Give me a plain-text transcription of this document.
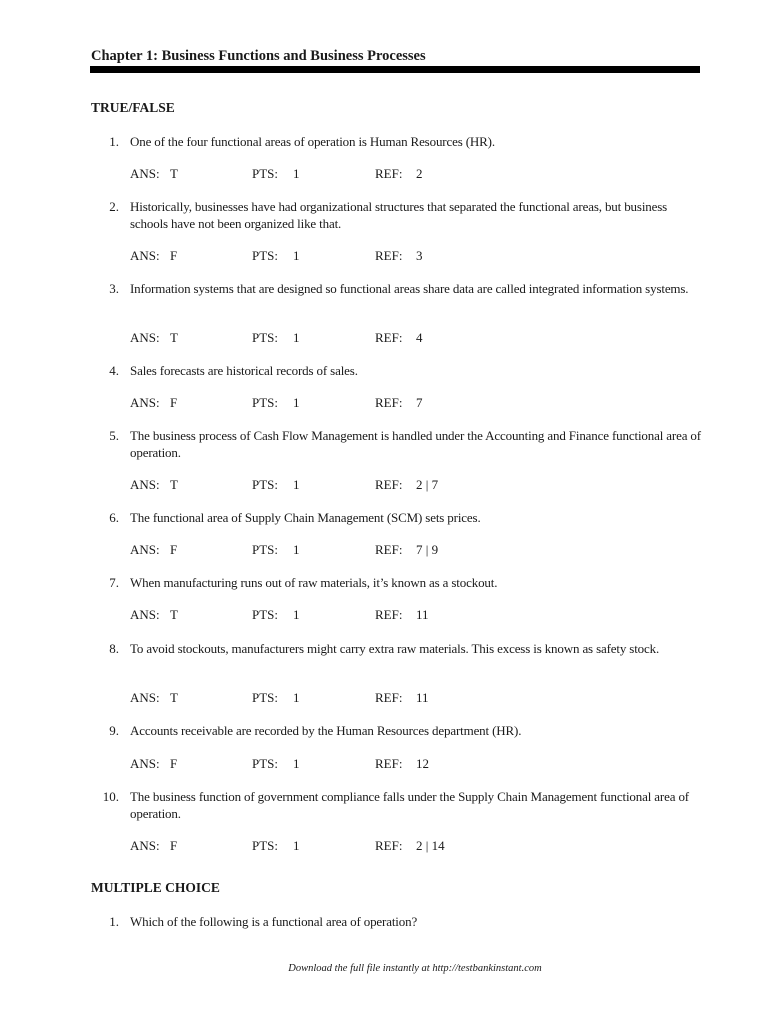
Chapter 1: Business Functions and Business Processes
TRUE/FALSE
1. One of the four functional areas of operation is Human Resources (HR).
ANS: T	PTS: 1	REF: 2
2. Historically, businesses have had organizational structures that separated the functional areas, but business schools have not been organized like that.
ANS: F	PTS: 1	REF: 3
3. Information systems that are designed so functional areas share data are called integrated information systems.
ANS: T	PTS: 1	REF: 4
4. Sales forecasts are historical records of sales.
ANS: F	PTS: 1	REF: 7
5. The business process of Cash Flow Management is handled under the Accounting and Finance functional area of operation.
ANS: T	PTS: 1	REF: 2 | 7
6. The functional area of Supply Chain Management (SCM) sets prices.
ANS: F	PTS: 1	REF: 7 | 9
7. When manufacturing runs out of raw materials, it’s known as a stockout.
ANS: T	PTS: 1	REF: 11
8. To avoid stockouts, manufacturers might carry extra raw materials. This excess is known as safety stock.
ANS: T	PTS: 1	REF: 11
9. Accounts receivable are recorded by the Human Resources department (HR).
ANS: F	PTS: 1	REF: 12
10. The business function of government compliance falls under the Supply Chain Management functional area of operation.
ANS: F	PTS: 1	REF: 2 | 14
MULTIPLE CHOICE
1. Which of the following is a functional area of operation?
Download the full file instantly at http://testbankinstant.com
